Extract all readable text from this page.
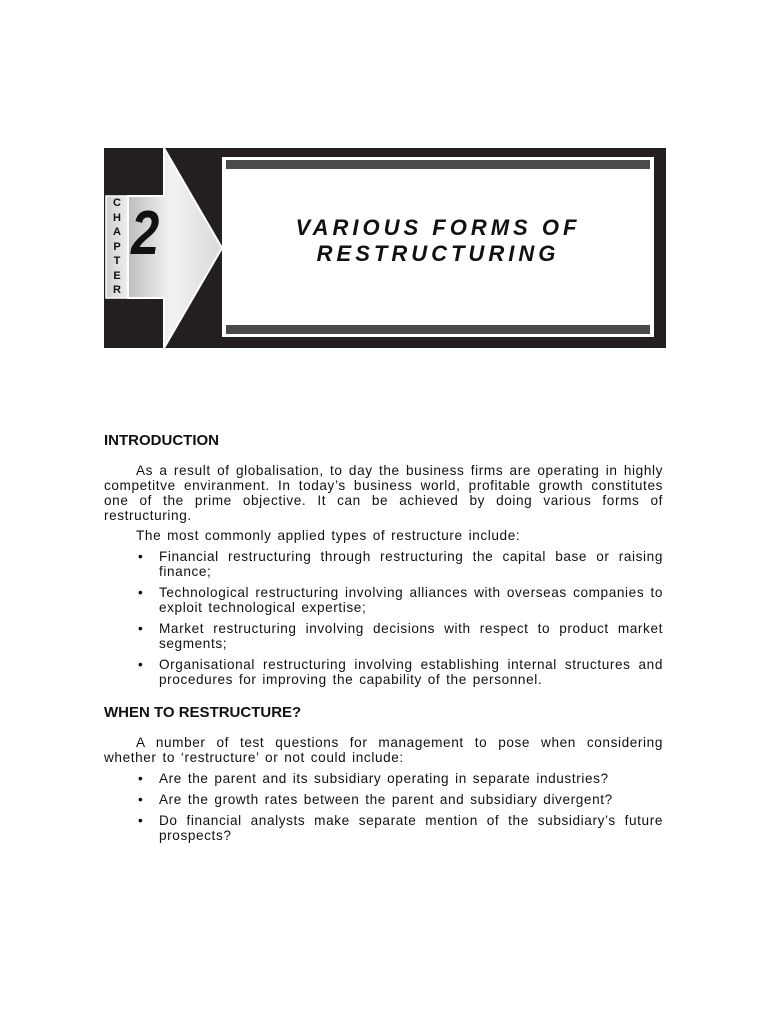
C
H
A
P
T
E
R
2	VARIOUS FORMS OF
RESTRUCTURING
INTRODUCTION

As a result of globalisation, to day the business firms are operating in highly competitve enviranment. In today’s business world, profitable growth constitutes one of the prime objective. It can be achieved by doing various forms of restructuring.

The most commonly applied types of restructure include:

• Financial restructuring through restructuring the capital base or raising finance;
• Technological restructuring involving alliances with overseas companies to exploit technological expertise;
• Market restructuring involving decisions with respect to product market segments;
• Organisational restructuring involving establishing internal structures and procedures for improving the capability of the personnel.
WHEN TO RESTRUCTURE?

A number of test questions for management to pose when considering whether to ‘restructure’ or not could include:

• Are the parent and its subsidiary operating in separate industries?
• Are the growth rates between the parent and subsidiary divergent?
• Do financial analysts make separate mention of the subsidiary’s future prospects?
